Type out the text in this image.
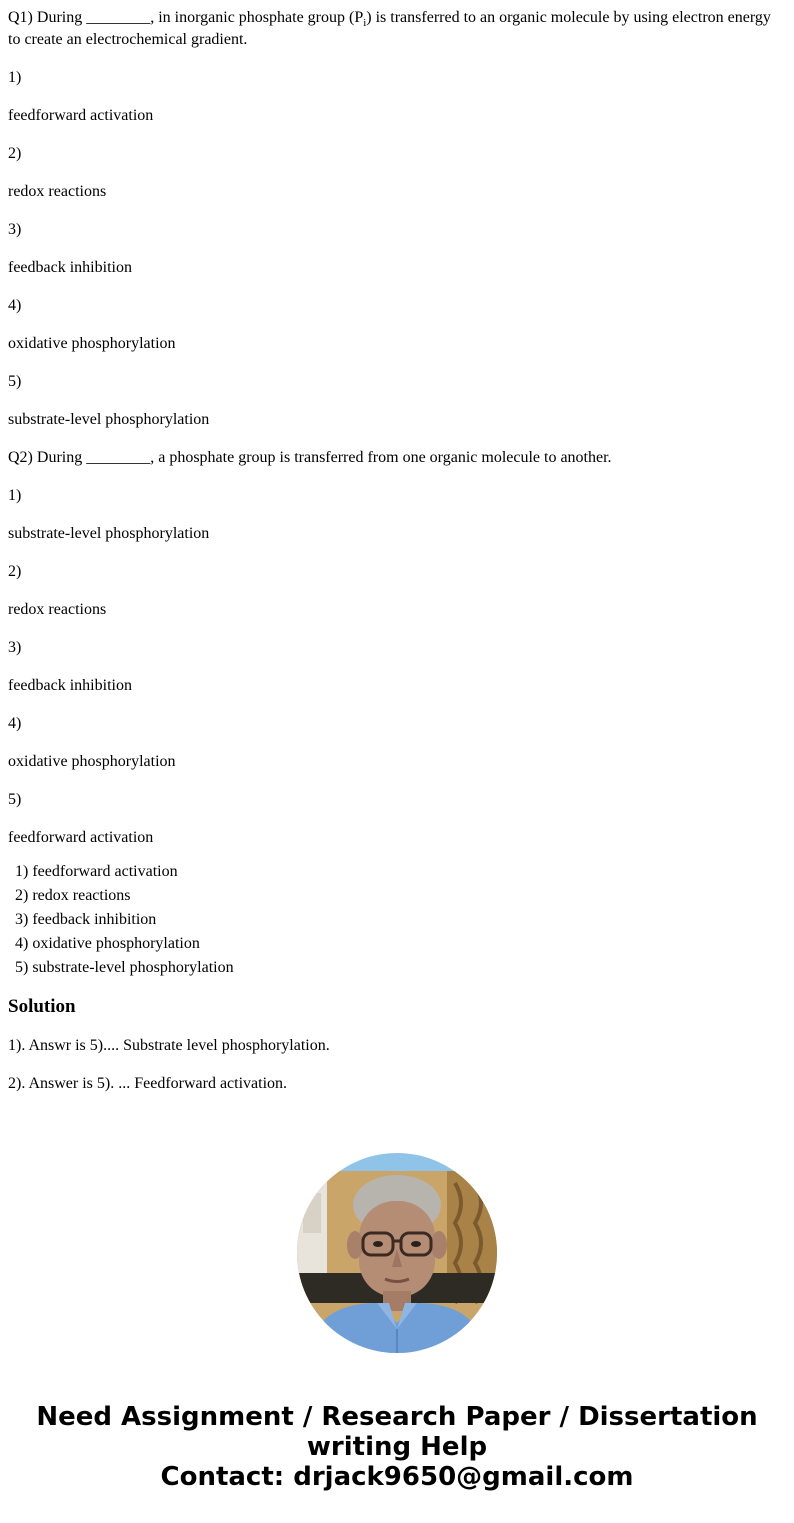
Q1) During ________, in inorganic phosphate group $(P_i)$ is transferred to an organic molecule by using electron energy to create an electrochemical gradient.

1)

feedforward activation

2)

redox reactions

3)

feedback inhibition

4)

oxidative phosphorylation

5)

substrate-level phosphorylation

Q2) During ________, a phosphate group is transferred from one organic molecule to another.

1)

substrate-level phosphorylation

2)

redox reactions

3)

feedback inhibition

4)

oxidative phosphorylation

5)

feedforward activation

1)	feedforward activation
2)	redox reactions
3)	feedback inhibition
4)	oxidative phosphorylation
5)	substrate-level phosphorylation
Solution

1). Answr is 5).... Substrate level phosphorylation.

2). Answer is 5). ... Feedforward activation.

Need Assignment / Research Paper / Dissertation
writing Help
Contact: drjack9650@gmail.com
